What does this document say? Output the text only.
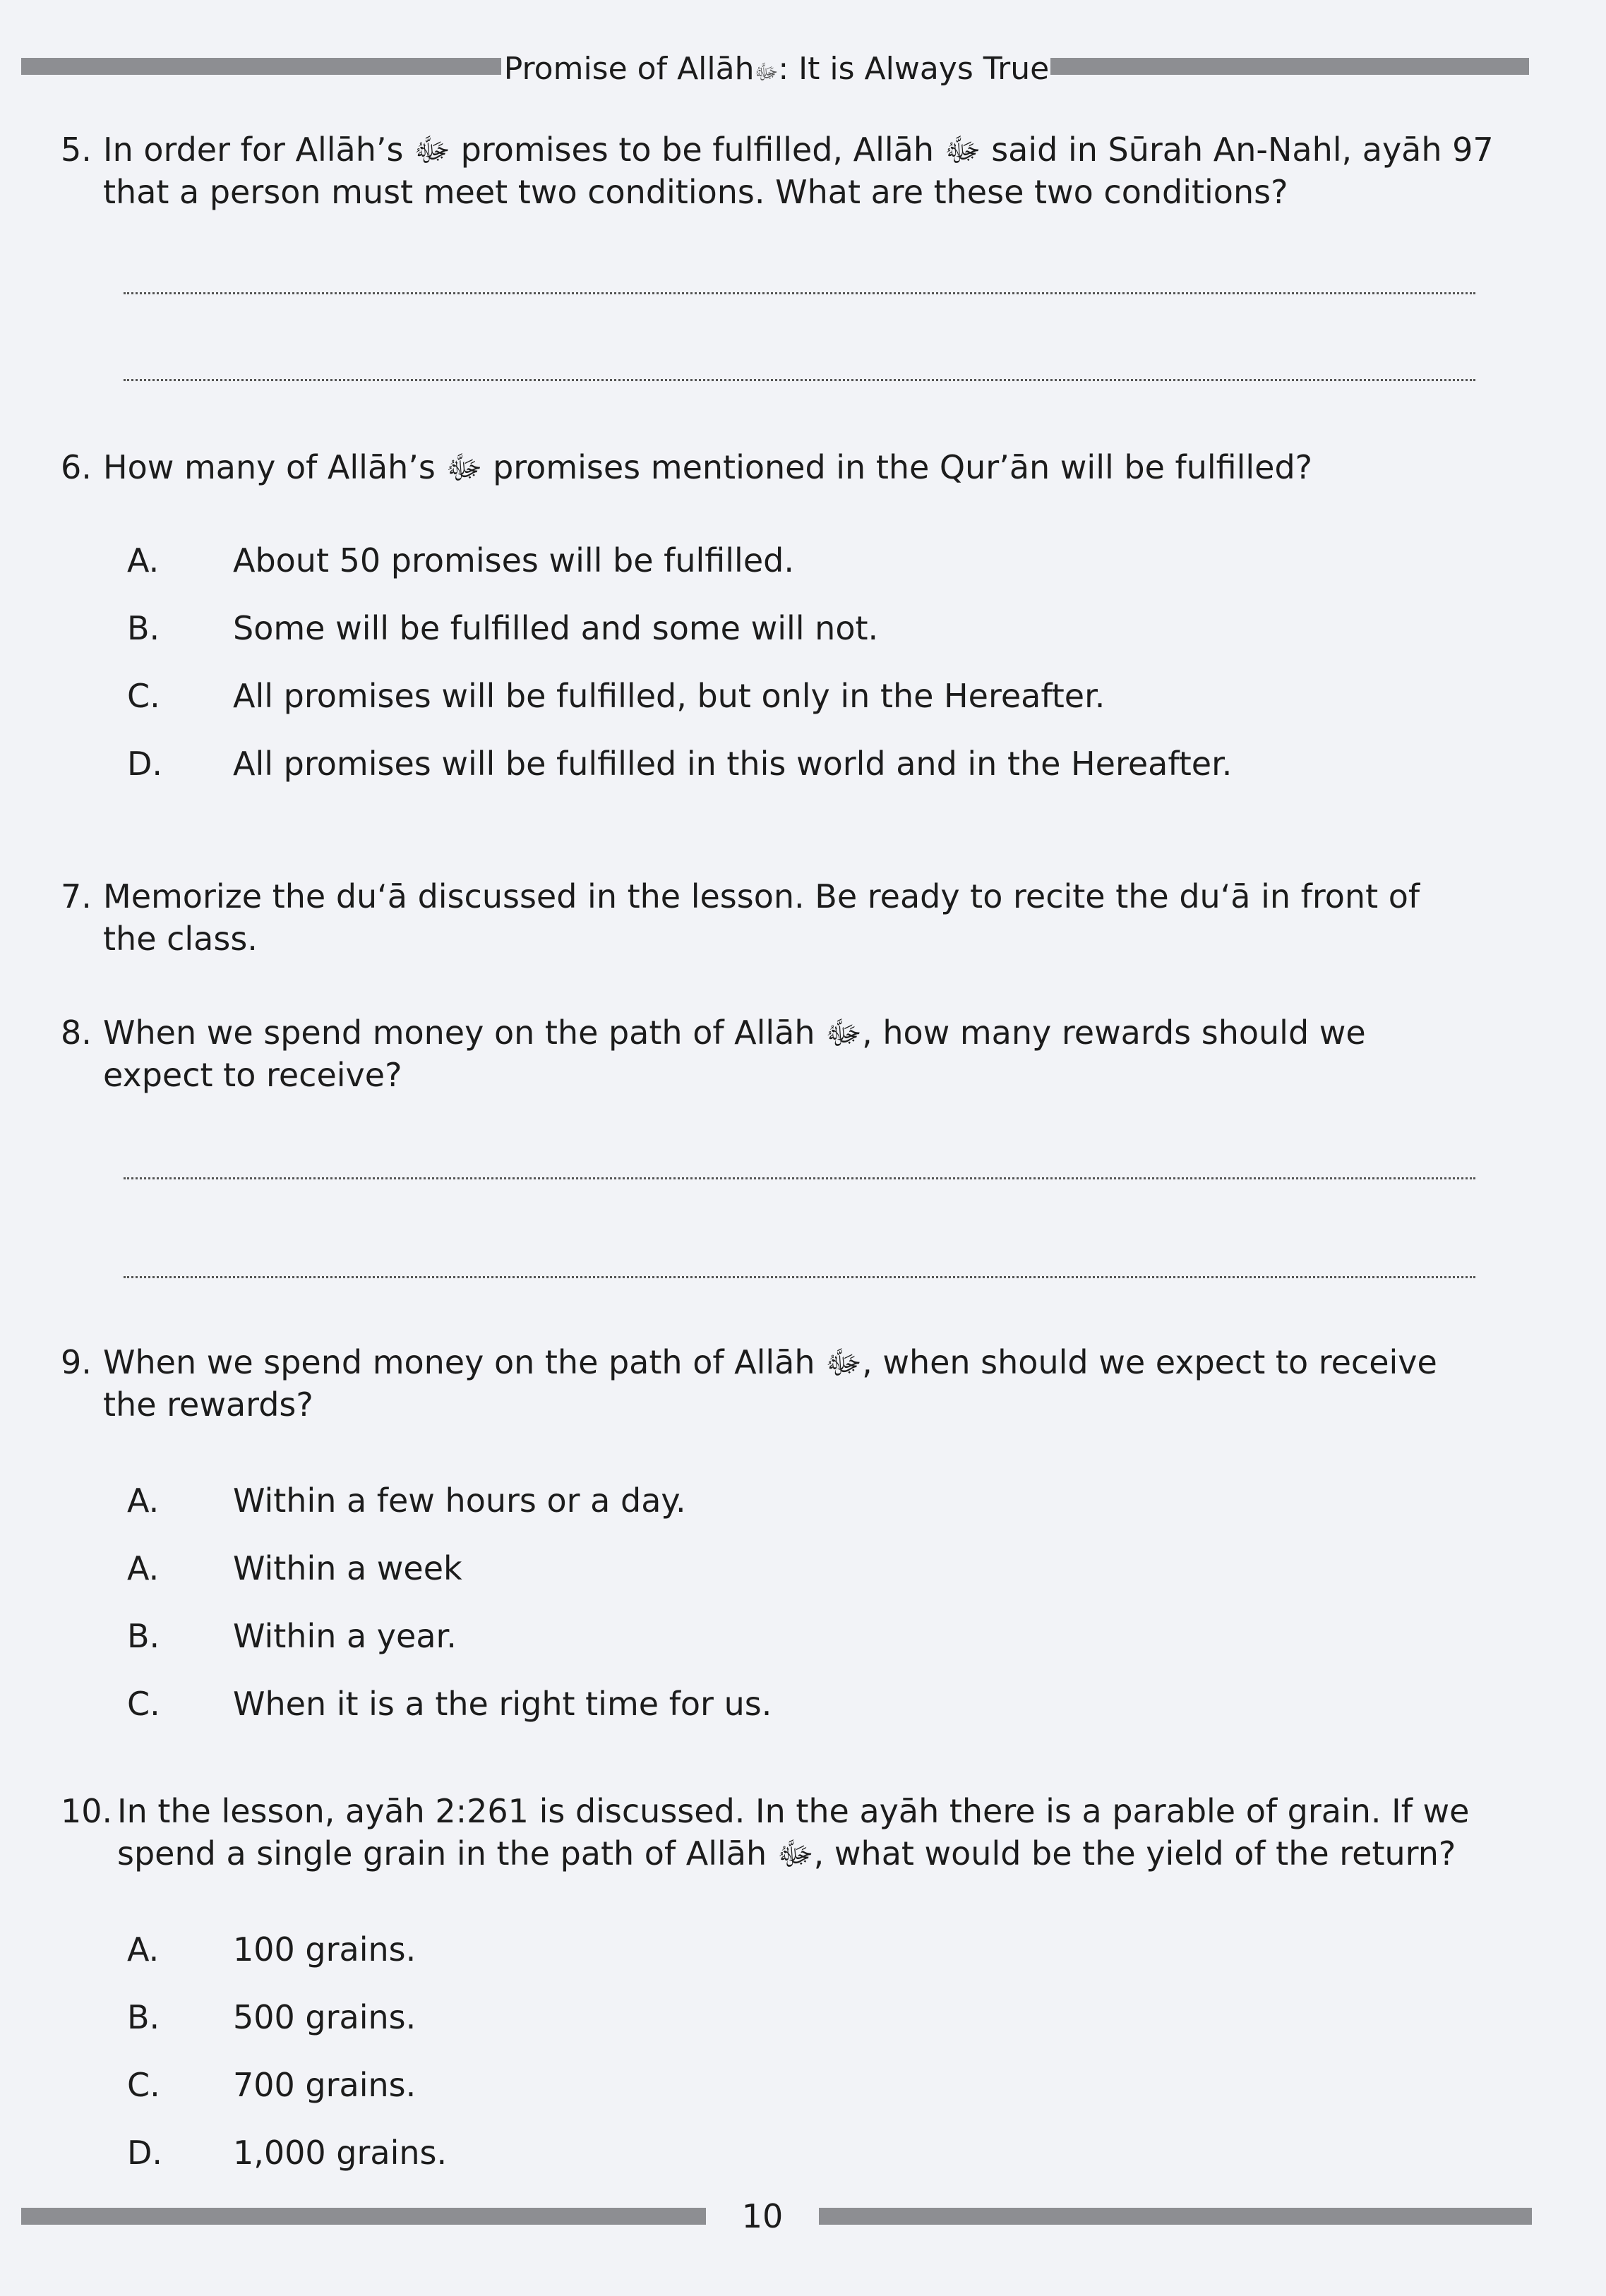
Promise of Allāhﷻ: It is Always True
5. In order for Allāh’s ﷻ promises to be fulfilled, Allāh ﷻ said in Sūrah An-Nahl, ayāh 97
that a person must meet two conditions. What are these two conditions?
6. How many of Allāh’s ﷻ promises mentioned in the Qur’ān will be fulfilled?
A. About 50 promises will be fulfilled.
B. Some will be fulfilled and some will not.
C. All promises will be fulfilled, but only in the Hereafter.
D. All promises will be fulfilled in this world and in the Hereafter.
7. Memorize the du‘ā discussed in the lesson. Be ready to recite the du‘ā in front of
the class.
8. When we spend money on the path of Allāh ﷻ, how many rewards should we
expect to receive?
9. When we spend money on the path of Allāh ﷻ, when should we expect to receive
the rewards?
A. Within a few hours or a day.
A. Within a week
B. Within a year.
C. When it is a the right time for us.
10. In the lesson, ayāh 2:261 is discussed. In the ayāh there is a parable of grain. If we
spend a single grain in the path of Allāh ﷻ, what would be the yield of the return?
A. 100 grains.
B. 500 grains.
C. 700 grains.
D. 1,000 grains.
10
